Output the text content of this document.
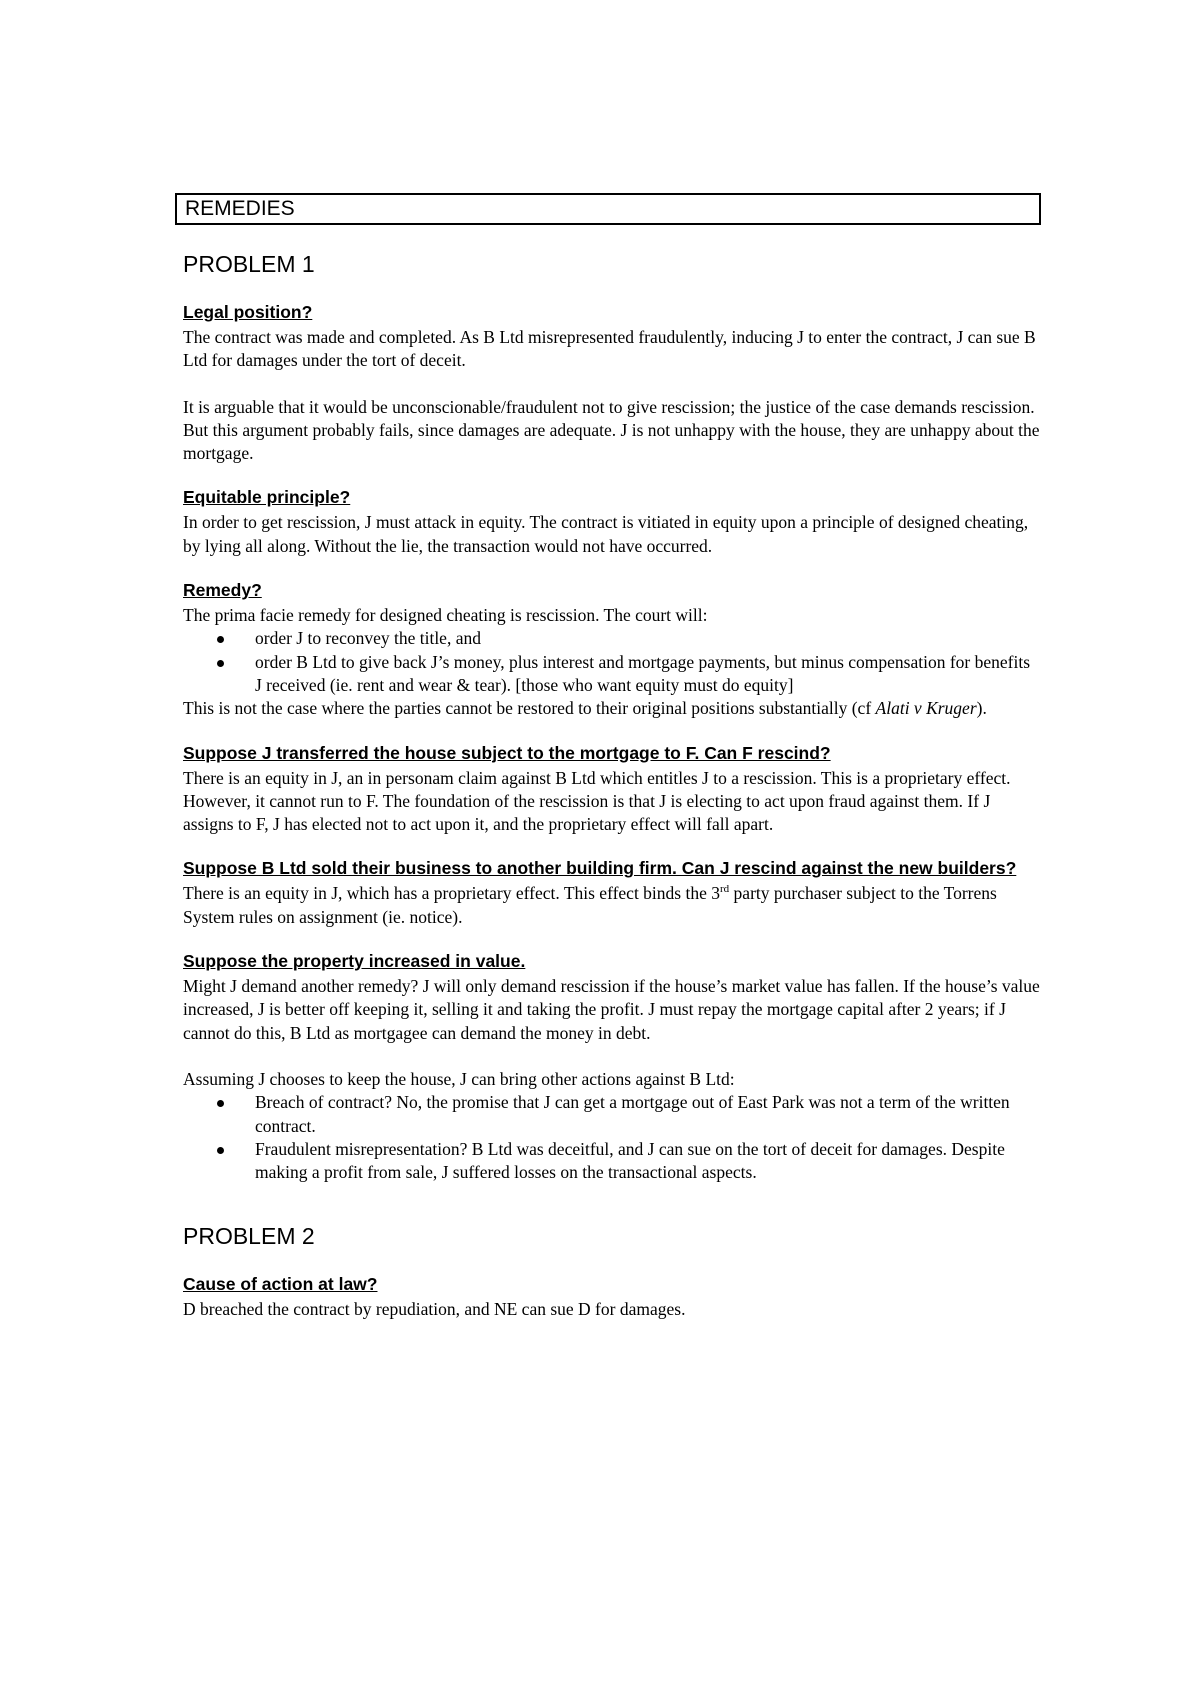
REMEDIES
PROBLEM 1
Legal position?

The contract was made and completed. As B Ltd misrepresented fraudulently, inducing J to enter the contract, J can sue B Ltd for damages under the tort of deceit.

It is arguable that it would be unconscionable/fraudulent not to give rescission; the justice of the case demands rescission. But this argument probably fails, since damages are adequate. J is not unhappy with the house, they are unhappy about the mortgage.

Equitable principle?

In order to get rescission, J must attack in equity. The contract is vitiated in equity upon a principle of designed cheating, by lying all along. Without the lie, the transaction would not have occurred.

Remedy?

The prima facie remedy for designed cheating is rescission. The court will:

order J to reconvey the title, and
order B Ltd to give back J’s money, plus interest and mortgage payments, but minus compensation for benefits J received (ie. rent and wear & tear). [those who want equity must do equity]

This is not the case where the parties cannot be restored to their original positions substantially (cf Alati v Kruger).

Suppose J transferred the house subject to the mortgage to F. Can F rescind?

There is an equity in J, an in personam claim against B Ltd which entitles J to a rescission. This is a proprietary effect. However, it cannot run to F. The foundation of the rescission is that J is electing to act upon fraud against them. If J assigns to F, J has elected not to act upon it, and the proprietary effect will fall apart.

Suppose B Ltd sold their business to another building firm. Can J rescind against the new builders?

There is an equity in J, which has a proprietary effect. This effect binds the 3rd party purchaser subject to the Torrens System rules on assignment (ie. notice).

Suppose the property increased in value.

Might J demand another remedy? J will only demand rescission if the house’s market value has fallen. If the house’s value increased, J is better off keeping it, selling it and taking the profit. J must repay the mortgage capital after 2 years; if J cannot do this, B Ltd as mortgagee can demand the money in debt.

Assuming J chooses to keep the house, J can bring other actions against B Ltd:

Breach of contract? No, the promise that J can get a mortgage out of East Park was not a term of the written contract.
Fraudulent misrepresentation? B Ltd was deceitful, and J can sue on the tort of deceit for damages. Despite making a profit from sale, J suffered losses on the transactional aspects.
PROBLEM 2
Cause of action at law?

D breached the contract by repudiation, and NE can sue D for damages.
